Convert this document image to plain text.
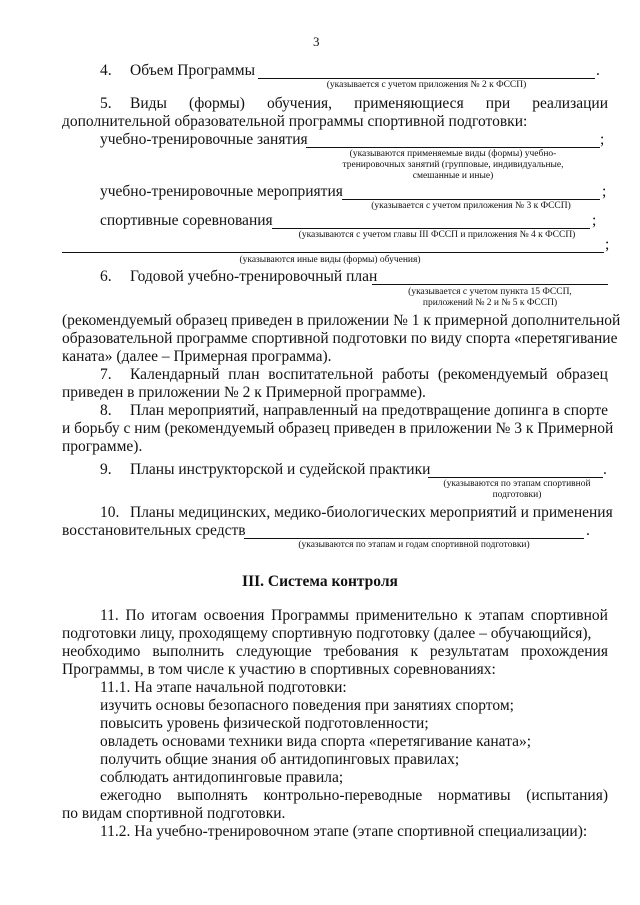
3
4. Объем Программы	.
(указывается с учетом приложения № 2 к ФССП)
5. Виды (формы) обучения, применяющиеся при реализации
дополнительной образовательной программы спортивной подготовки:
учебно-тренировочные занятия	;
(указываются применяемые виды (формы) учебно-
тренировочных занятий (групповые, индивидуальные,
смешанные и иные)
учебно-тренировочные мероприятия	;
(указывается с учетом приложения № 3 к ФССП)
спортивные соревнования	;
(указываются с учетом главы III ФССП и приложения № 4 к ФССП)
;
(указываются иные виды (формы) обучения)
6. Годовой учебно-тренировочный план
(указывается с учетом пункта 15 ФССП,
приложений № 2 и № 5 к ФССП)
(рекомендуемый образец приведен в приложении № 1 к примерной дополнительной
образовательной программе спортивной подготовки по виду спорта «перетягивание
каната» (далее – Примерная программа).
7. Календарный план воспитательной работы (рекомендуемый образец
приведен в приложении № 2 к Примерной программе).
8. План мероприятий, направленный на предотвращение допинга в спорте
и борьбу с ним (рекомендуемый образец приведен в приложении № 3 к Примерной
программе).
9. Планы инструкторской и судейской практики	.
(указываются по этапам спортивной
подготовки)
10. Планы медицинских, медико-биологических мероприятий и применения
восстановительных средств	.
(указываются по этапам и годам спортивной подготовки)
III. Система контроля
11. По итогам освоения Программы применительно к этапам спортивной
подготовки лицу, проходящему спортивную подготовку (далее – обучающийся),
необходимо выполнить следующие требования к результатам прохождения
Программы, в том числе к участию в спортивных соревнованиях:
11.1. На этапе начальной подготовки:
изучить основы безопасного поведения при занятиях спортом;
повысить уровень физической подготовленности;
овладеть основами техники вида спорта «перетягивание каната»;
получить общие знания об антидопинговых правилах;
соблюдать антидопинговые правила;
ежегодно выполнять контрольно-переводные нормативы (испытания)
по видам спортивной подготовки.
11.2. На учебно-тренировочном этапе (этапе спортивной специализации):
